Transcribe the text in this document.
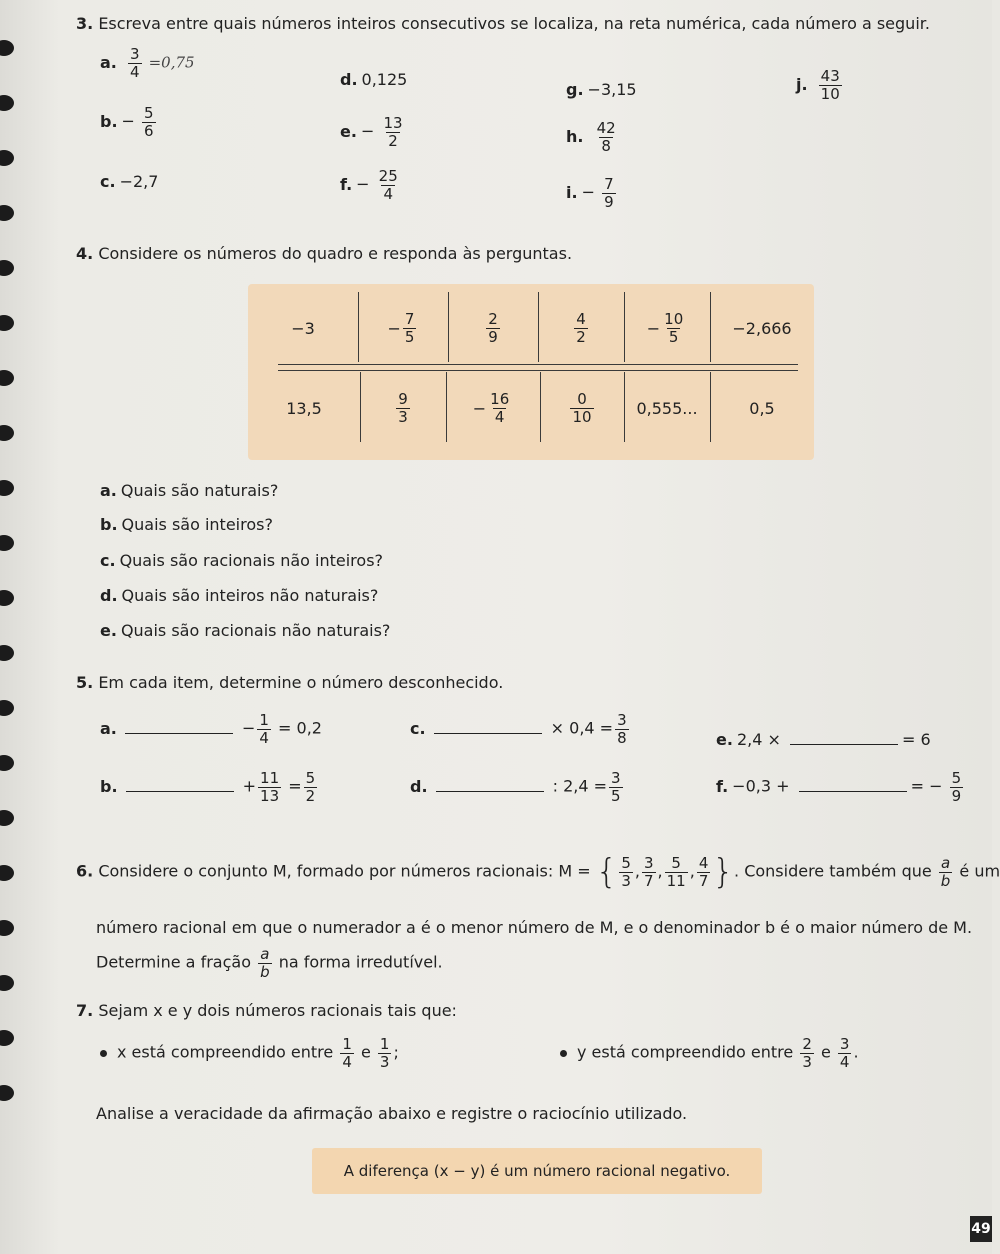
3. Escreva entre quais números inteiros consecutivos se localiza, na reta numérica, cada número a seguir.
a. $\frac{3}{4} =0,75$
b. − $\frac{5}{6}$
c. −2,7
d. 0,125
e. − $\frac{13}{2}$
f. − $\frac{25}{4}$
g. −3,15
h. $\frac{42}{8}$
i. − $\frac{7}{9}$
j. $\frac{43}{10}$
4. Considere os números do quadro e responda às perguntas.
−3	− $\frac{7}{5}$	$\frac{2}{9}$	$\frac{4}{2}$	− $\frac{10}{5}$	−2,666
13,5	$\frac{9}{3}$	− $\frac{16}{4}$	$\frac{0}{10}$	0,555...	0,5
a. Quais são naturais?
b. Quais são inteiros?
c. Quais são racionais não inteiros?
d. Quais são inteiros não naturais?
e. Quais são racionais não naturais?
5. Em cada item, determine o número desconhecido.
a.	− $\frac{1}{4} = 0,2$
b.	+ $\frac{11}{13} = \frac{5}{2}$
c.	× $0,4 = \frac{3}{8}$
d.	: $2,4 = \frac{3}{5}$
e. 2,4 ×	= 6
f. −0,3 +	= − $\frac{5}{9}$
6. Considere o conjunto M, formado por números racionais: M = { $\frac{5}{3}$ , $\frac{3}{7}$ , $\frac{5}{11}$ , $\frac{4}{7}$ }. Considere também que $\frac{a}{b}$ é um
número racional em que o numerador a é o menor número de M, e o denominador b é o maior número de M.
Determine a fração $\frac{a}{b}$ na forma irredutível.
7. Sejam x e y dois números racionais tais que:
x está compreendido entre $\frac{1}{4}$ e $\frac{1}{3}$ ;	y está compreendido entre $\frac{2}{3}$ e $\frac{3}{4}$ .
Analise a veracidade da afirmação abaixo e registre o raciocínio utilizado.
A diferença (x − y) é um número racional negativo.
49
